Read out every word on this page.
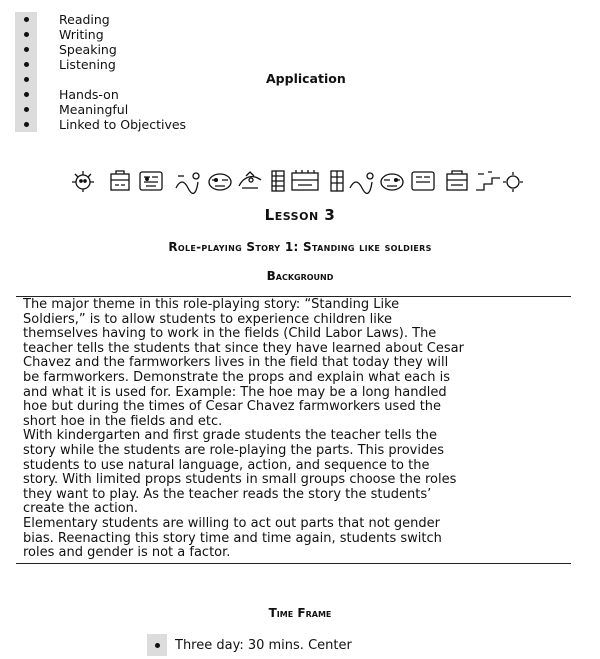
Reading
Writing
Speaking
Listening
Hands-on
Meaningful
Linked to Objectives
Application
Lesson 3
Role-playing Story 1: Standing like soldiers
Background

The major theme in this role-playing story: “Standing Like

Soldiers,” is to allow students to experience children like

themselves having to work in the fields (Child Labor Laws). The

teacher tells the students that since they have learned about Cesar

Chavez and the farmworkers lives in the field that today they will

be farmworkers. Demonstrate the props and explain what each is

and what it is used for. Example: The hoe may be a long handled

hoe but during the times of Cesar Chavez farmworkers used the

short hoe in the fields and etc.

With kindergarten and first grade students the teacher tells the

story while the students are role-playing the parts. This provides

students to use natural language, action, and sequence to the

story. With limited props students in small groups choose the roles

they want to play. As the teacher reads the story the students’

create the action.

Elementary students are willing to act out parts that not gender

bias. Reenacting this story time and time again, students switch

roles and gender is not a factor.

Time Frame
Three day: 30 mins. Center
